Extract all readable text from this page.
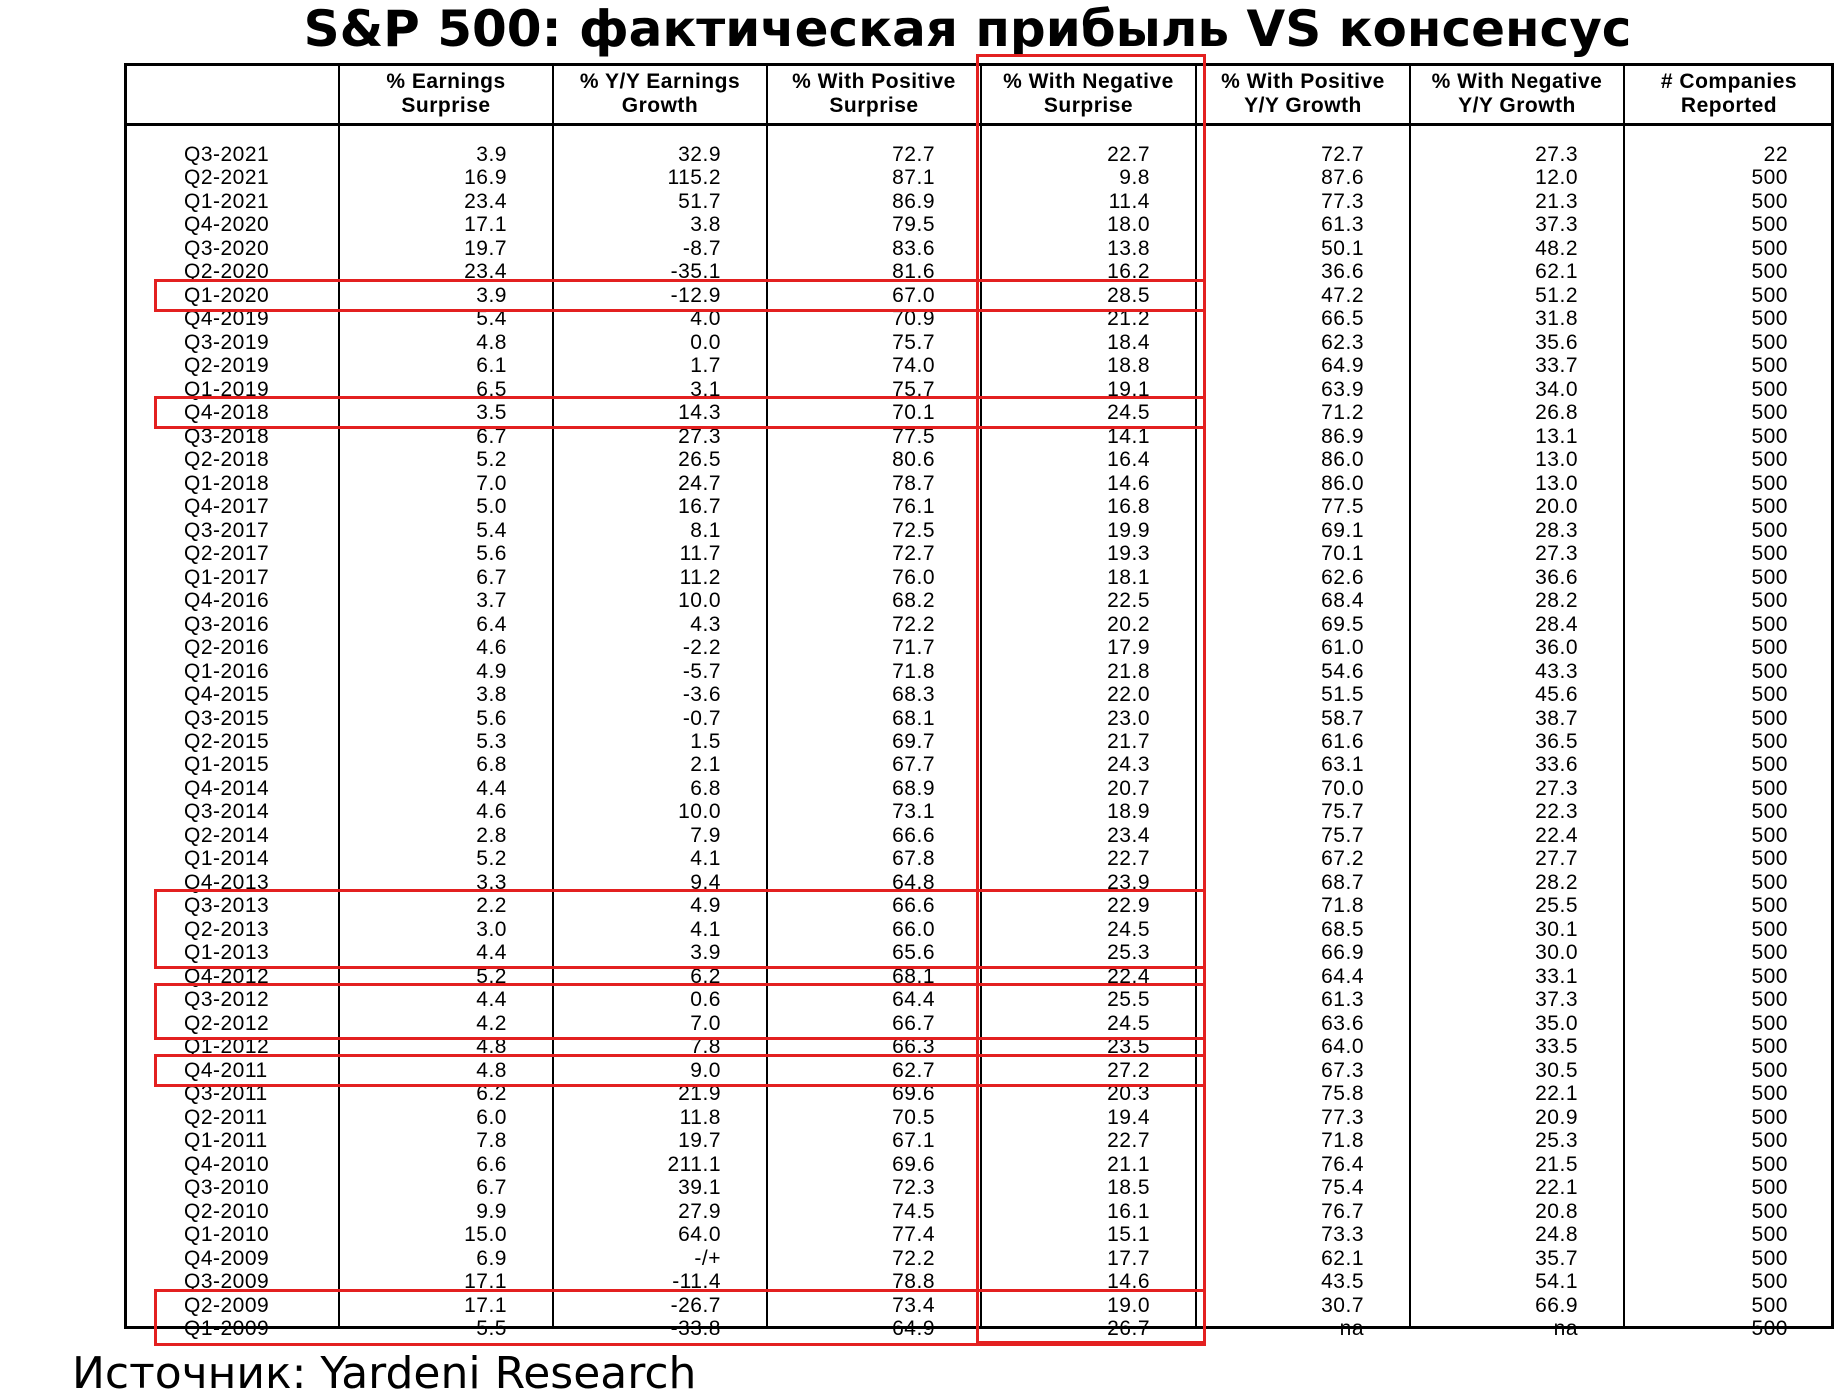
S&P 500: фактическая прибыль VS консенсус
% Earnings
Surprise
% Y/Y Earnings
Growth
% With Positive
Surprise
% With Negative
Surprise
% With Positive
Y/Y Growth
% With Negative
Y/Y Growth
# Companies
Reported
Q3-2021	3.9	32.9	72.7	22.7	72.7	27.3	22
Q2-2021	16.9	115.2	87.1	9.8	87.6	12.0	500
Q1-2021	23.4	51.7	86.9	11.4	77.3	21.3	500
Q4-2020	17.1	3.8	79.5	18.0	61.3	37.3	500
Q3-2020	19.7	-8.7	83.6	13.8	50.1	48.2	500
Q2-2020	23.4	-35.1	81.6	16.2	36.6	62.1	500
Q1-2020	3.9	-12.9	67.0	28.5	47.2	51.2	500
Q4-2019	5.4	4.0	70.9	21.2	66.5	31.8	500
Q3-2019	4.8	0.0	75.7	18.4	62.3	35.6	500
Q2-2019	6.1	1.7	74.0	18.8	64.9	33.7	500
Q1-2019	6.5	3.1	75.7	19.1	63.9	34.0	500
Q4-2018	3.5	14.3	70.1	24.5	71.2	26.8	500
Q3-2018	6.7	27.3	77.5	14.1	86.9	13.1	500
Q2-2018	5.2	26.5	80.6	16.4	86.0	13.0	500
Q1-2018	7.0	24.7	78.7	14.6	86.0	13.0	500
Q4-2017	5.0	16.7	76.1	16.8	77.5	20.0	500
Q3-2017	5.4	8.1	72.5	19.9	69.1	28.3	500
Q2-2017	5.6	11.7	72.7	19.3	70.1	27.3	500
Q1-2017	6.7	11.2	76.0	18.1	62.6	36.6	500
Q4-2016	3.7	10.0	68.2	22.5	68.4	28.2	500
Q3-2016	6.4	4.3	72.2	20.2	69.5	28.4	500
Q2-2016	4.6	-2.2	71.7	17.9	61.0	36.0	500
Q1-2016	4.9	-5.7	71.8	21.8	54.6	43.3	500
Q4-2015	3.8	-3.6	68.3	22.0	51.5	45.6	500
Q3-2015	5.6	-0.7	68.1	23.0	58.7	38.7	500
Q2-2015	5.3	1.5	69.7	21.7	61.6	36.5	500
Q1-2015	6.8	2.1	67.7	24.3	63.1	33.6	500
Q4-2014	4.4	6.8	68.9	20.7	70.0	27.3	500
Q3-2014	4.6	10.0	73.1	18.9	75.7	22.3	500
Q2-2014	2.8	7.9	66.6	23.4	75.7	22.4	500
Q1-2014	5.2	4.1	67.8	22.7	67.2	27.7	500
Q4-2013	3.3	9.4	64.8	23.9	68.7	28.2	500
Q3-2013	2.2	4.9	66.6	22.9	71.8	25.5	500
Q2-2013	3.0	4.1	66.0	24.5	68.5	30.1	500
Q1-2013	4.4	3.9	65.6	25.3	66.9	30.0	500
Q4-2012	5.2	6.2	68.1	22.4	64.4	33.1	500
Q3-2012	4.4	0.6	64.4	25.5	61.3	37.3	500
Q2-2012	4.2	7.0	66.7	24.5	63.6	35.0	500
Q1-2012	4.8	7.8	66.3	23.5	64.0	33.5	500
Q4-2011	4.8	9.0	62.7	27.2	67.3	30.5	500
Q3-2011	6.2	21.9	69.6	20.3	75.8	22.1	500
Q2-2011	6.0	11.8	70.5	19.4	77.3	20.9	500
Q1-2011	7.8	19.7	67.1	22.7	71.8	25.3	500
Q4-2010	6.6	211.1	69.6	21.1	76.4	21.5	500
Q3-2010	6.7	39.1	72.3	18.5	75.4	22.1	500
Q2-2010	9.9	27.9	74.5	16.1	76.7	20.8	500
Q1-2010	15.0	64.0	77.4	15.1	73.3	24.8	500
Q4-2009	6.9	-/+	72.2	17.7	62.1	35.7	500
Q3-2009	17.1	-11.4	78.8	14.6	43.5	54.1	500
Q2-2009	17.1	-26.7	73.4	19.0	30.7	66.9	500
Q1-2009	5.5	-33.8	64.9	26.7	na	na	500
Источник: Yardeni Research
